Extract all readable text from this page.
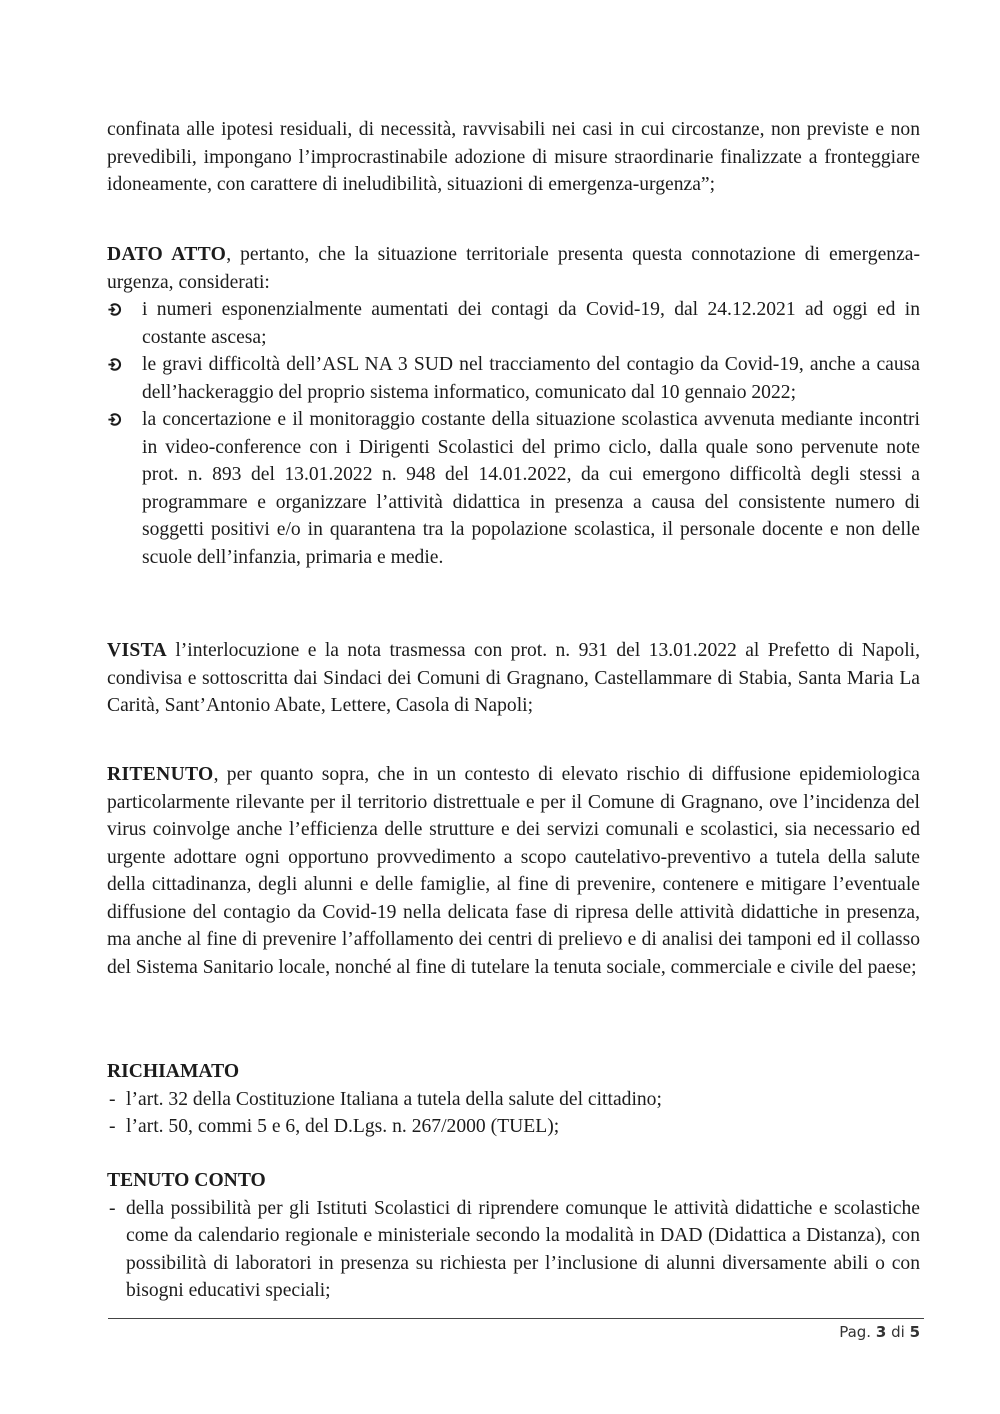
confinata alle ipotesi residuali, di necessità, ravvisabili nei casi in cui circostanze, non previste e non prevedibili, impongano l’improcrastinabile adozione di misure straordinarie finalizzate a fronteggiare idoneamente, con carattere di ineludibilità, situazioni di emergenza-urgenza”;

DATO ATTO, pertanto, che la situazione territoriale presenta questa connotazione di emergenza-urgenza, considerati:

i numeri esponenzialmente aumentati dei contagi da Covid-19, dal 24.12.2021 ad oggi ed in costante ascesa;
le gravi difficoltà dell’ASL NA 3 SUD nel tracciamento del contagio da Covid-19, anche a causa dell’hackeraggio del proprio sistema informatico, comunicato dal 10 gennaio 2022;
la concertazione e il monitoraggio costante della situazione scolastica avvenuta mediante incontri in video-conference con i Dirigenti Scolastici del primo ciclo, dalla quale sono pervenute note prot. n. 893 del 13.01.2022 n. 948 del 14.01.2022, da cui emergono difficoltà degli stessi a programmare e organizzare l’attività didattica in presenza a causa del consistente numero di soggetti positivi e/o in quarantena tra la popolazione scolastica, il personale docente e non delle scuole dell’infanzia, primaria e medie.

VISTA l’interlocuzione e la nota trasmessa con prot. n. 931 del 13.01.2022 al Prefetto di Napoli, condivisa e sottoscritta dai Sindaci dei Comuni di Gragnano, Castellammare di Stabia, Santa Maria La Carità, Sant’Antonio Abate, Lettere, Casola di Napoli;

RITENUTO, per quanto sopra, che in un contesto di elevato rischio di diffusione epidemiologica particolarmente rilevante per il territorio distrettuale e per il Comune di Gragnano, ove l’incidenza del virus coinvolge anche l’efficienza delle strutture e dei servizi comunali e scolastici, sia necessario ed urgente adottare ogni opportuno provvedimento a scopo cautelativo-preventivo a tutela della salute della cittadinanza, degli alunni e delle famiglie, al fine di prevenire, contenere e mitigare l’eventuale diffusione del contagio da Covid-19 nella delicata fase di ripresa delle attività didattiche in presenza, ma anche al fine di prevenire l’affollamento dei centri di prelievo e di analisi dei tamponi ed il collasso del Sistema Sanitario locale, nonché al fine di tutelare la tenuta sociale, commerciale e civile del paese;

RICHIAMATO

- l’art. 32 della Costituzione Italiana a tutela della salute del cittadino;
- l’art. 50, commi 5 e 6, del D.Lgs. n. 267/2000 (TUEL);

TENUTO CONTO

- della possibilità per gli Istituti Scolastici di riprendere comunque le attività didattiche e scolastiche come da calendario regionale e ministeriale secondo la modalità in DAD (Didattica a Distanza), con possibilità di laboratori in presenza su richiesta per l’inclusione di alunni diversamente abili o con bisogni educativi speciali;
Pag. 3 di 5
